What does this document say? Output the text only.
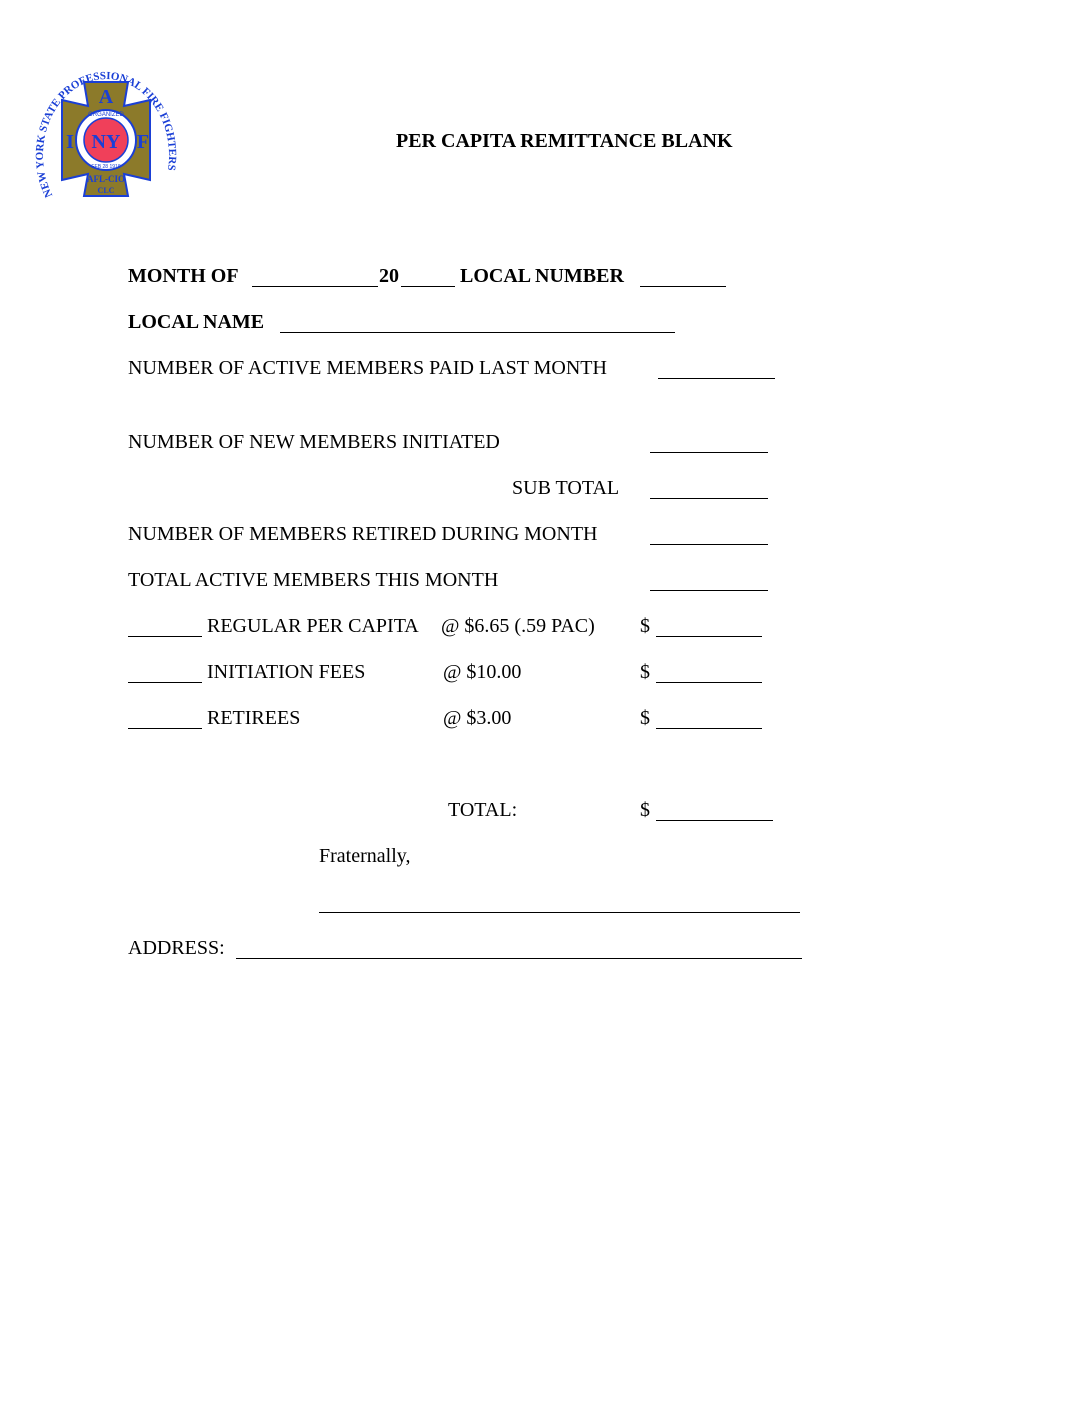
A
I	F
NY
ORGANIZED
FEB 28 1918
AFL-CIO
CLC
NEW YORK STATE PROFESSIONAL FIRE FIGHTERS
PER CAPITA REMITTANCE BLANK
MONTH OF	20	LOCAL NUMBER
LOCAL NAME
NUMBER OF ACTIVE MEMBERS PAID LAST MONTH
NUMBER OF NEW MEMBERS INITIATED
SUB TOTAL
NUMBER OF MEMBERS RETIRED DURING MONTH
TOTAL ACTIVE MEMBERS THIS MONTH
REGULAR PER CAPITA @ $6.65 (.59 PAC) $
INITIATION FEES	@ $10.00	$
RETIREES	@ $3.00	$
TOTAL:	$
Fraternally,
ADDRESS:
